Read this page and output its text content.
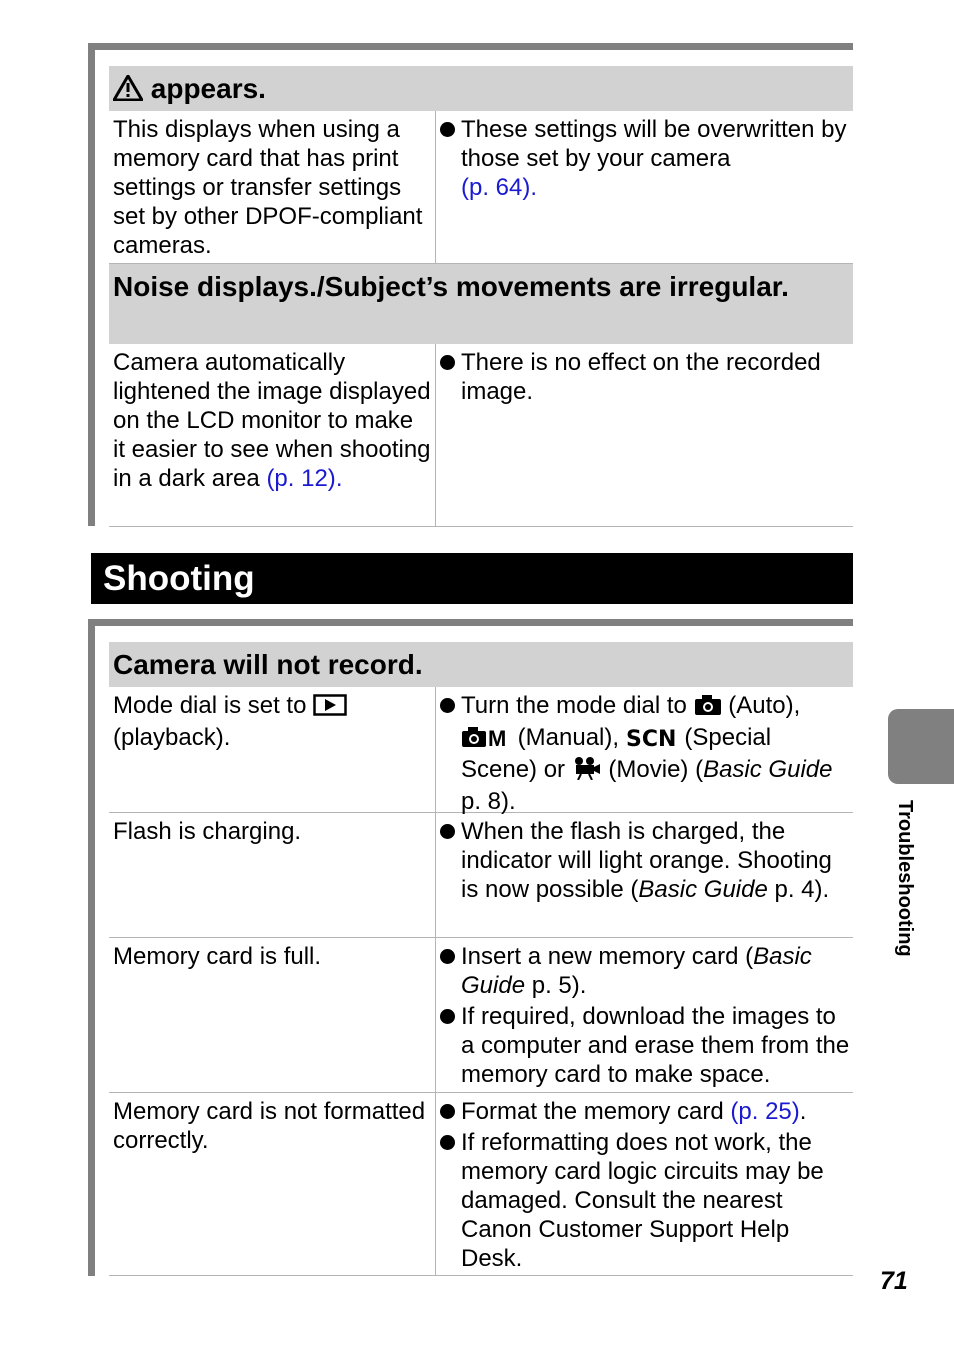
appears.
This displays when using a memory card that has print settings or transfer settings set by other DPOF-compliant cameras.
These settings will be overwritten by those set by your camera
(p. 64).
Noise displays./Subject’s movements are irregular.
Camera automatically lightened the image displayed on the LCD monitor to make it easier to see when shooting in a dark area (p. 12).
There is no effect on the recorded image.
Shooting
Camera will not record.
Mode dial is set to
(playback).
Turn the mode dial to (Auto),

M (Manual), SCN (Special Scene) or (Movie) (Basic Guide p. 8).
Flash is charging.	When the flash is charged, the indicator will light orange. Shooting is now possible (Basic Guide p. 4).
Memory card is full.	Insert a new memory card (Basic Guide p. 5).
If required, download the images to a computer and erase them from the memory card to make space.
Memory card is not formatted correctly.
Format the memory card (p. 25).
If reformatting does not work, the memory card logic circuits may be damaged. Consult the nearest Canon Customer Support Help Desk.
Troubleshooting
71
